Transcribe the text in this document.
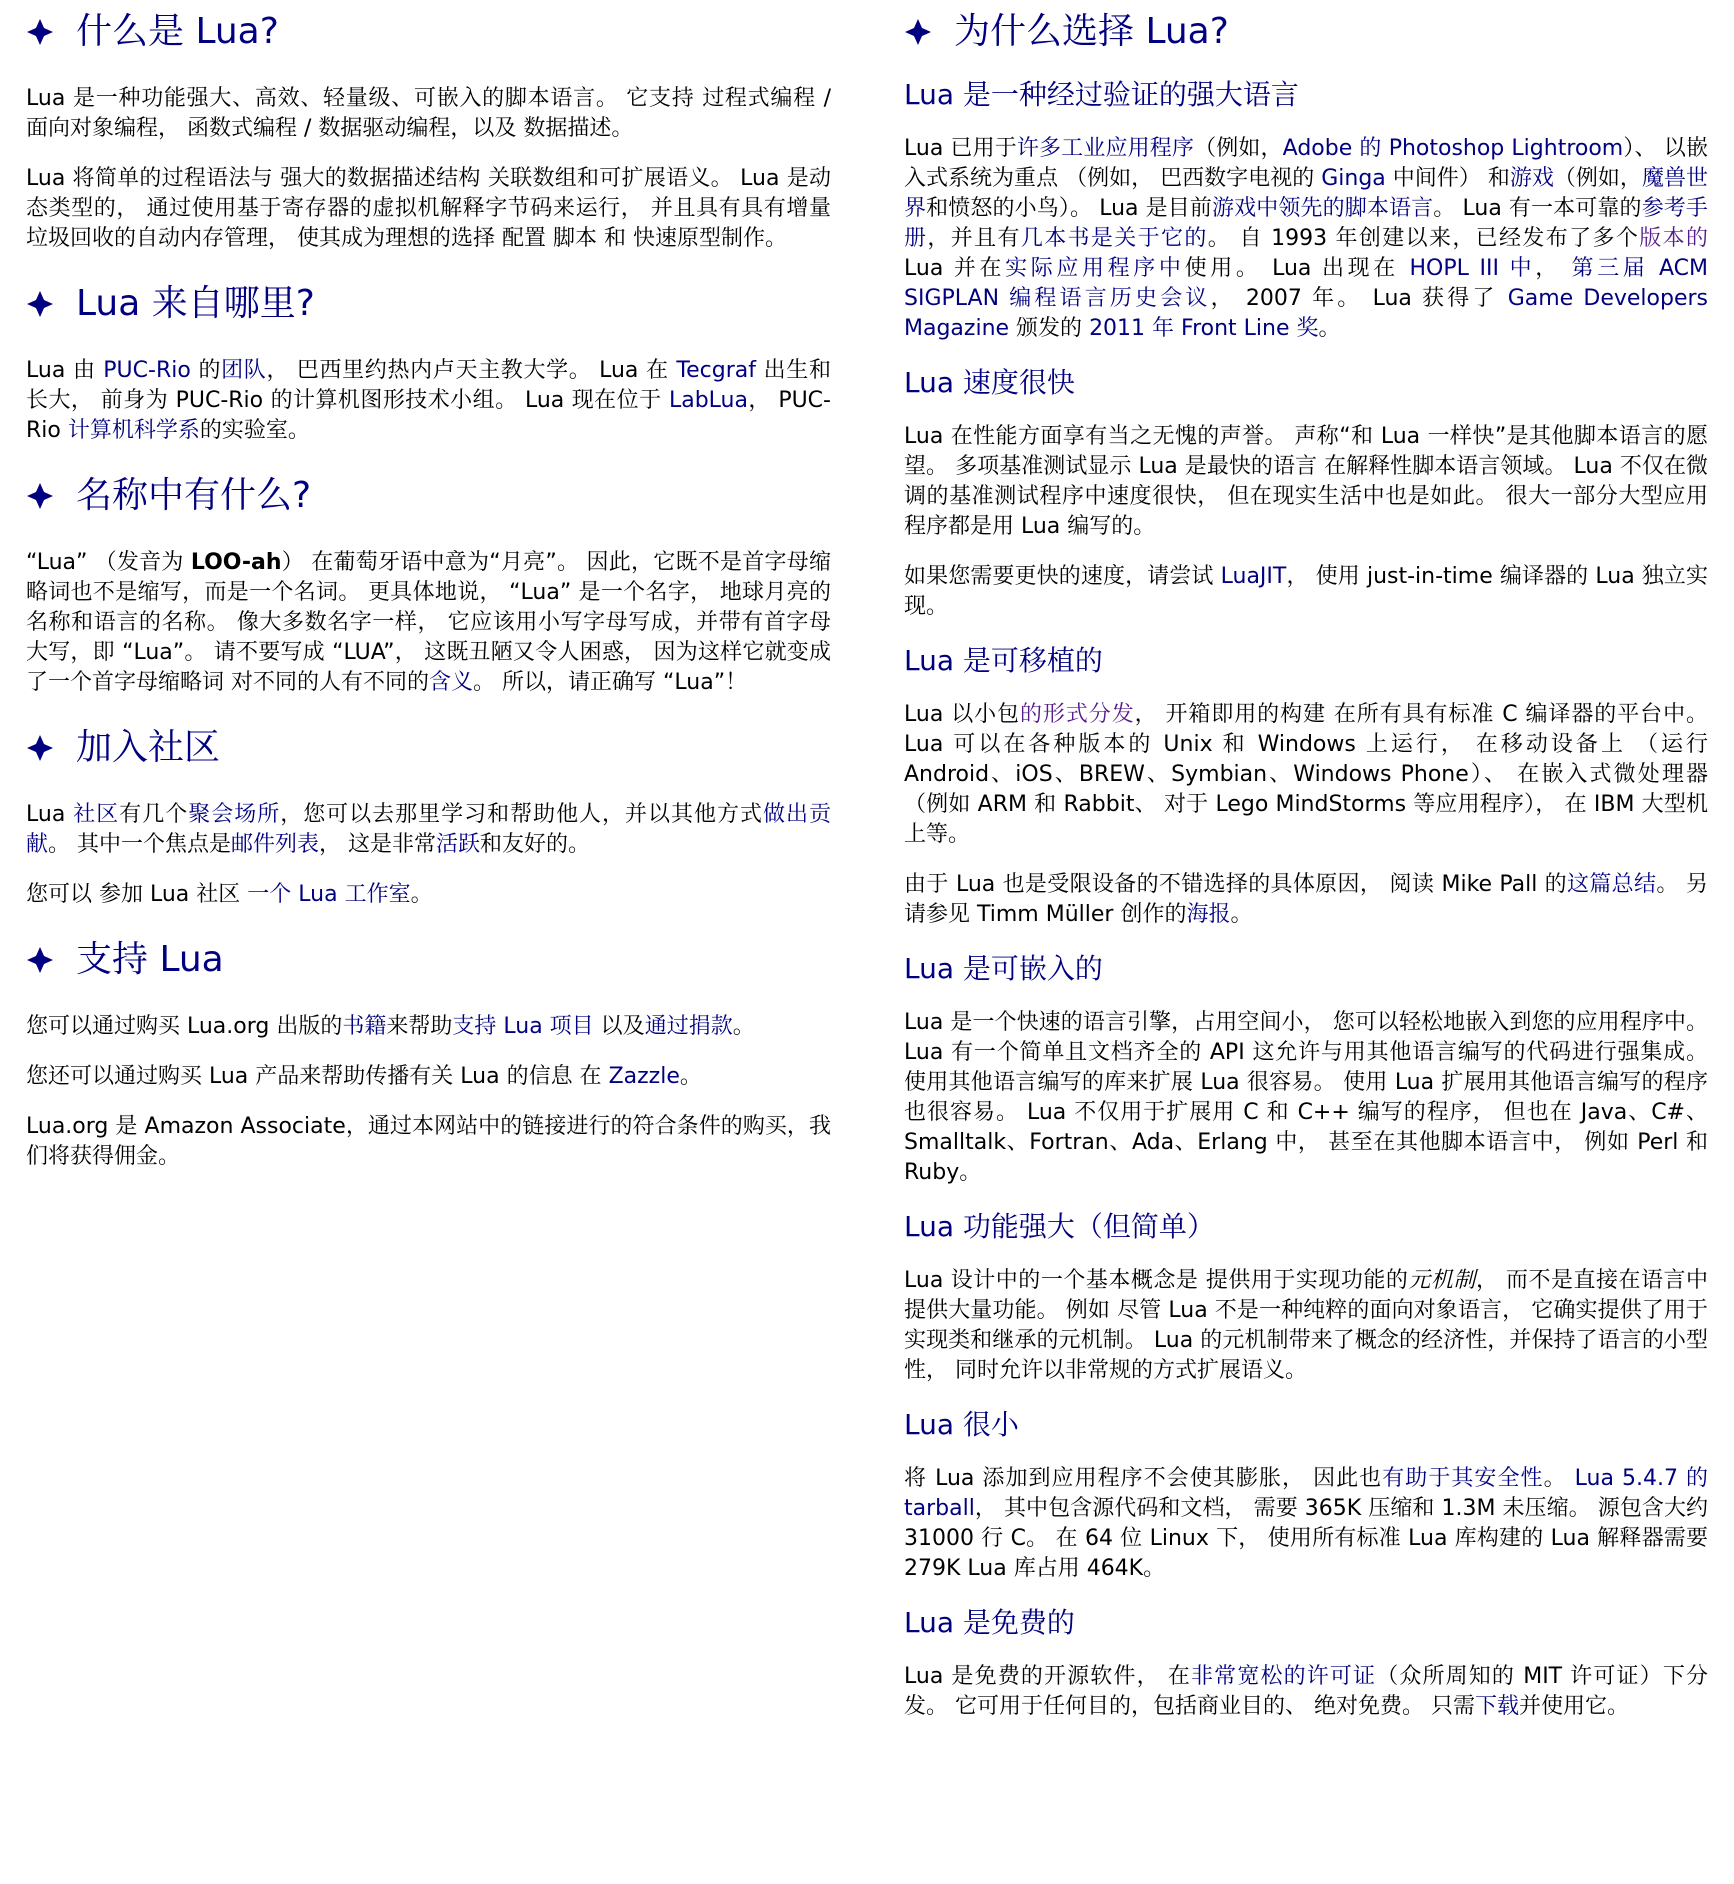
什么是 Lua?

Lua 是一种功能强大、高效、轻量级、可嵌入的脚本语言。 它支持 过程式编程 / 面向对象编程， 函数式编程 / 数据驱动编程，以及 数据描述。

Lua 将简单的过程语法与 强大的数据描述结构 关联数组和可扩展语义。 Lua 是动态类型的， 通过使用基于寄存器的虚拟机解释字节码来运行， 并且具有具有增量垃圾回收的自动内存管理， 使其成为理想的选择 配置 脚本 和 快速原型制作。

Lua 来自哪里?

Lua 由 PUC-Rio 的团队， 巴西里约热内卢天主教大学。 Lua 在 Tecgraf 出生和长大， 前身为 PUC-Rio 的计算机图形技术小组。 Lua 现在位于 LabLua， PUC-Rio 计算机科学系的实验室。

名称中有什么?

“Lua” （发音为 LOO-ah） 在葡萄牙语中意为“月亮”。 因此，它既不是首字母缩略词也不是缩写，而是一个名词。 更具体地说， “Lua” 是一个名字， 地球月亮的名称和语言的名称。 像大多数名字一样， 它应该用小写字母写成，并带有首字母大写，即 “Lua”。 请不要写成 “LUA”， 这既丑陋又令人困惑， 因为这样它就变成了一个首字母缩略词 对不同的人有不同的含义。 所以，请正确写 “Lua”！

加入社区

Lua 社区有几个聚会场所，您可以去那里学习和帮助他人，并以其他方式做出贡献。 其中一个焦点是邮件列表， 这是非常活跃和友好的。

您可以 参加 Lua 社区 一个 Lua 工作室。

支持 Lua

您可以通过购买 Lua.org 出版的书籍来帮助支持 Lua 项目 以及通过捐款。

您还可以通过购买 Lua 产品来帮助传播有关 Lua 的信息 在 Zazzle。

Lua.org 是 Amazon Associate，通过本网站中的链接进行的符合条件的购买，我们将获得佣金。

为什么选择 Lua?
Lua 是一种经过验证的强大语言

Lua 已用于许多工业应用程序（例如，Adobe 的 Photoshop Lightroom）、 以嵌入式系统为重点 （例如， 巴西数字电视的 Ginga 中间件） 和游戏（例如，魔兽世界和愤怒的小鸟）。 Lua 是目前游戏中领先的脚本语言。 Lua 有一本可靠的参考手册，并且有几本书是关于它的。 自 1993 年创建以来，已经发布了多个版本的 Lua 并在实际应用程序中使用。 Lua 出现在 HOPL III 中， 第三届 ACM SIGPLAN 编程语言历史会议， 2007 年。 Lua 获得了 Game Developers Magazine 颁发的 2011 年 Front Line 奖。

Lua 速度很快

Lua 在性能方面享有当之无愧的声誉。 声称“和 Lua 一样快”是其他脚本语言的愿望。 多项基准测试显示 Lua 是最快的语言 在解释性脚本语言领域。 Lua 不仅在微调的基准测试程序中速度很快， 但在现实生活中也是如此。 很大一部分大型应用程序都是用 Lua 编写的。

如果您需要更快的速度，请尝试 LuaJIT， 使用 just-in-time 编译器的 Lua 独立实现。

Lua 是可移植的

Lua 以小包的形式分发， 开箱即用的构建 在所有具有标准 C 编译器的平台中。 Lua 可以在各种版本的 Unix 和 Windows 上运行， 在移动设备上 （运行 Android、iOS、BREW、Symbian、Windows Phone）、 在嵌入式微处理器（例如 ARM 和 Rabbit、 对于 Lego MindStorms 等应用程序）， 在 IBM 大型机上等。

由于 Lua 也是受限设备的不错选择的具体原因， 阅读 Mike Pall 的这篇总结。 另请参见 Timm Müller 创作的海报。

Lua 是可嵌入的

Lua 是一个快速的语言引擎，占用空间小， 您可以轻松地嵌入到您的应用程序中。 Lua 有一个简单且文档齐全的 API 这允许与用其他语言编写的代码进行强集成。 使用其他语言编写的库来扩展 Lua 很容易。 使用 Lua 扩展用其他语言编写的程序也很容易。 Lua 不仅用于扩展用 C 和 C++ 编写的程序， 但也在 Java、C#、Smalltalk、Fortran、Ada、Erlang 中， 甚至在其他脚本语言中， 例如 Perl 和 Ruby。

Lua 功能强大（但简单）

Lua 设计中的一个基本概念是 提供用于实现功能的元机制， 而不是直接在语言中提供大量功能。 例如 尽管 Lua 不是一种纯粹的面向对象语言， 它确实提供了用于实现类和继承的元机制。 Lua 的元机制带来了概念的经济性，并保持了语言的小型性， 同时允许以非常规的方式扩展语义。

Lua 很小

将 Lua 添加到应用程序不会使其膨胀， 因此也有助于其安全性。 Lua 5.4.7 的 tarball， 其中包含源代码和文档， 需要 365K 压缩和 1.3M 未压缩。 源包含大约 31000 行 C。 在 64 位 Linux 下， 使用所有标准 Lua 库构建的 Lua 解释器需要 279K Lua 库占用 464K。

Lua 是免费的

Lua 是免费的开源软件， 在非常宽松的许可证（众所周知的 MIT 许可证）下分发。 它可用于任何目的，包括商业目的、 绝对免费。 只需下载并使用它。
